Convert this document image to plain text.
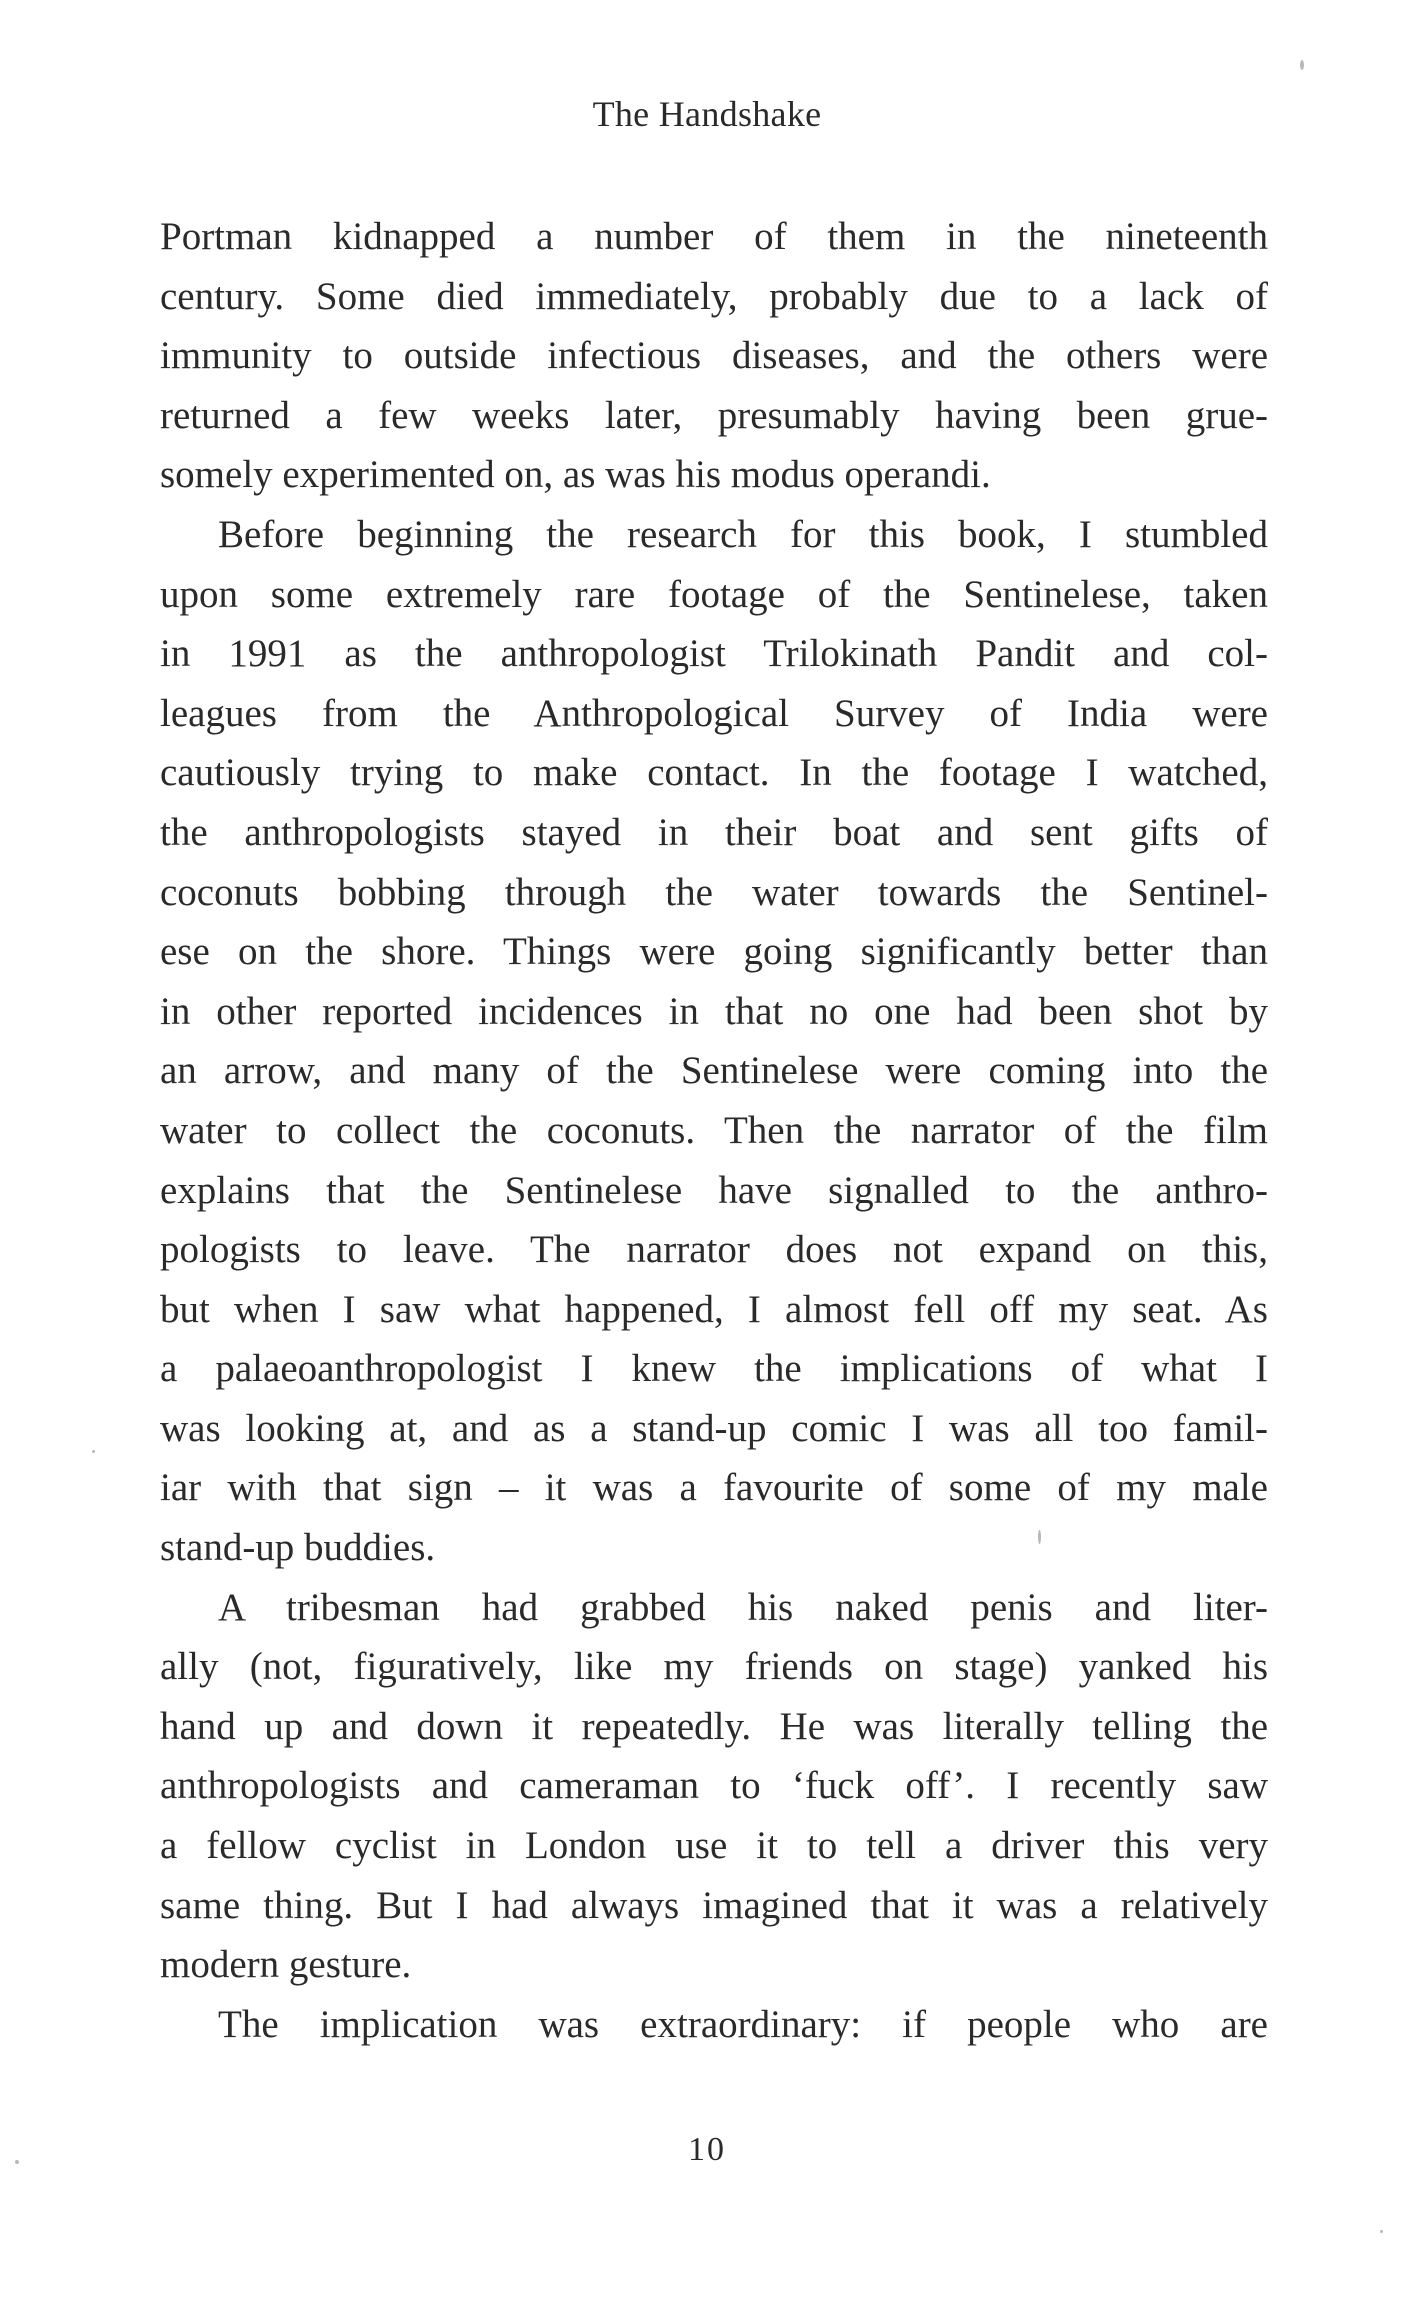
The Handshake
Portman kidnapped a number of them in the nineteenth
century. Some died immediately, probably due to a lack of
immunity to outside infectious diseases, and the others were
returned a few weeks later, presumably having been grue-
somely experimented on, as was his modus operandi.
Before beginning the research for this book, I stumbled
upon some extremely rare footage of the Sentinelese, taken
in 1991 as the anthropologist Trilokinath Pandit and col-
leagues from the Anthropological Survey of India were
cautiously trying to make contact. In the footage I watched,
the anthropologists stayed in their boat and sent gifts of
coconuts bobbing through the water towards the Sentinel-
ese on the shore. Things were going significantly better than
in other reported incidences in that no one had been shot by
an arrow, and many of the Sentinelese were coming into the
water to collect the coconuts. Then the narrator of the film
explains that the Sentinelese have signalled to the anthro-
pologists to leave. The narrator does not expand on this,
but when I saw what happened, I almost fell off my seat. As
a palaeoanthropologist I knew the implications of what I
was looking at, and as a stand-up comic I was all too famil-
iar with that sign – it was a favourite of some of my male
stand-up buddies.
A tribesman had grabbed his naked penis and liter-
ally (not, figuratively, like my friends on stage) yanked his
hand up and down it repeatedly. He was literally telling the
anthropologists and cameraman to ‘fuck off’. I recently saw
a fellow cyclist in London use it to tell a driver this very
same thing. But I had always imagined that it was a relatively
modern gesture.
The implication was extraordinary: if people who are
10
